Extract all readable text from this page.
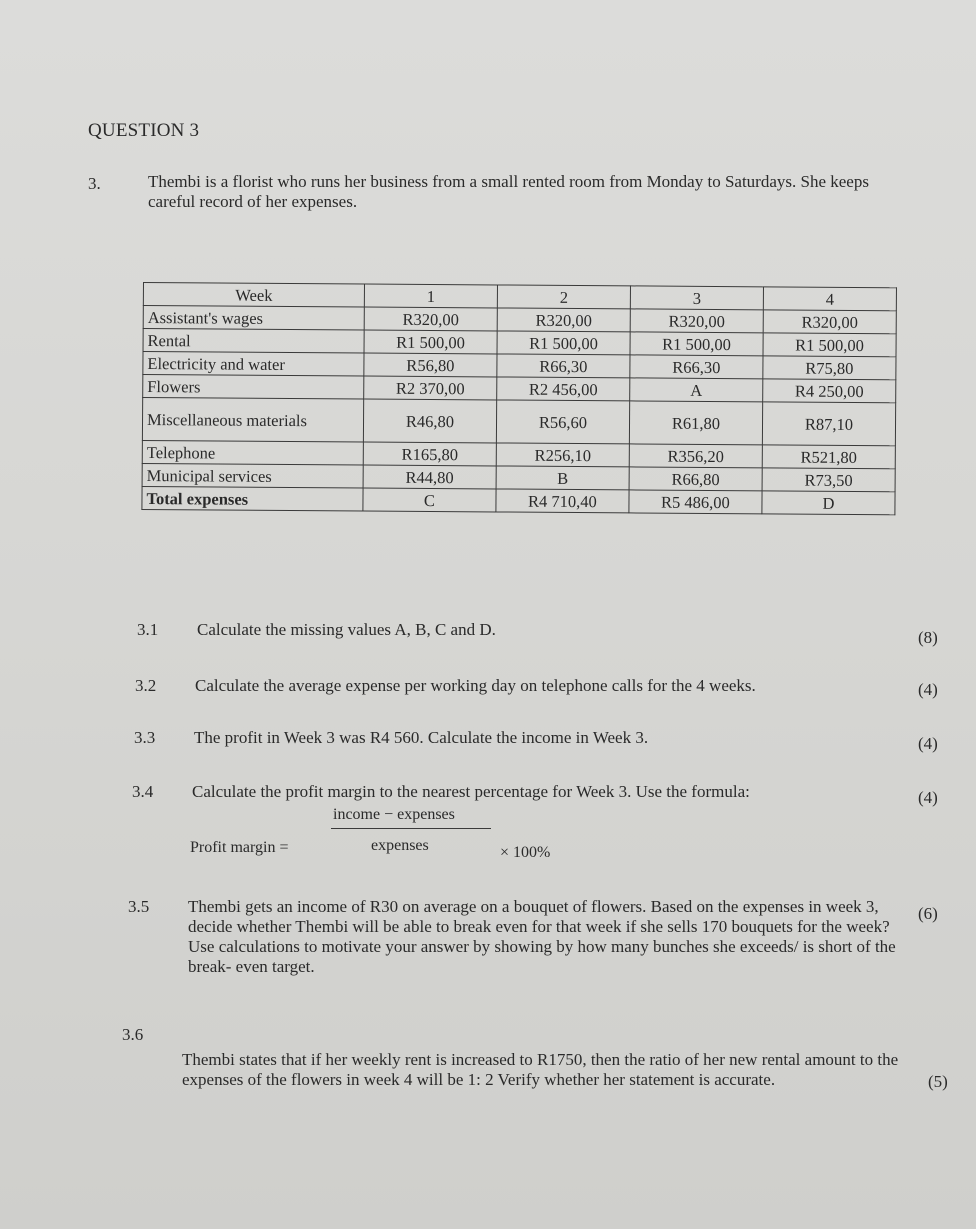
QUESTION 3
3.	Thembi is a florist who runs her business from a small rented room from Monday to Saturdays. She keeps careful record of her expenses.
Week	1	2	3	4
Assistant's wages	R320,00	R320,00	R320,00	R320,00
Rental	R1 500,00	R1 500,00	R1 500,00	R1 500,00
Electricity and water	R56,80	R66,30	R66,30	R75,80
Flowers	R2 370,00	R2 456,00	A	R4 250,00
Miscellaneous materials	R46,80	R56,60	R61,80	R87,10
Telephone	R165,80	R256,10	R356,20	R521,80
Municipal services	R44,80	B	R66,80	R73,50
Total expenses	C	R4 710,40	R5 486,00	D
3.1 Calculate the missing values A, B, C and D.	(8)
3.2 Calculate the average expense per working day on telephone calls for the 4 weeks.	(4)
3.3 The profit in Week 3 was R4 560. Calculate the income in Week 3.	(4)
3.4 Calculate the profit margin to the nearest percentage for Week 3. Use the formula:	(4)
income − expenses
Profit margin =	expenses	× 100%
3.5 Thembi gets an income of R30 on average on a bouquet of flowers. Based on the expenses in week 3, decide whether Thembi will be able to break even for that week if she sells 170 bouquets for the week? Use calculations to motivate your answer by showing by how many bunches she exceeds/ is short of the break- even target.
(6)
3.6
Thembi states that if her weekly rent is increased to R1750, then the ratio of her new rental amount to the expenses of the flowers in week 4 will be 1: 2 Verify whether her statement is accurate.	(5)
